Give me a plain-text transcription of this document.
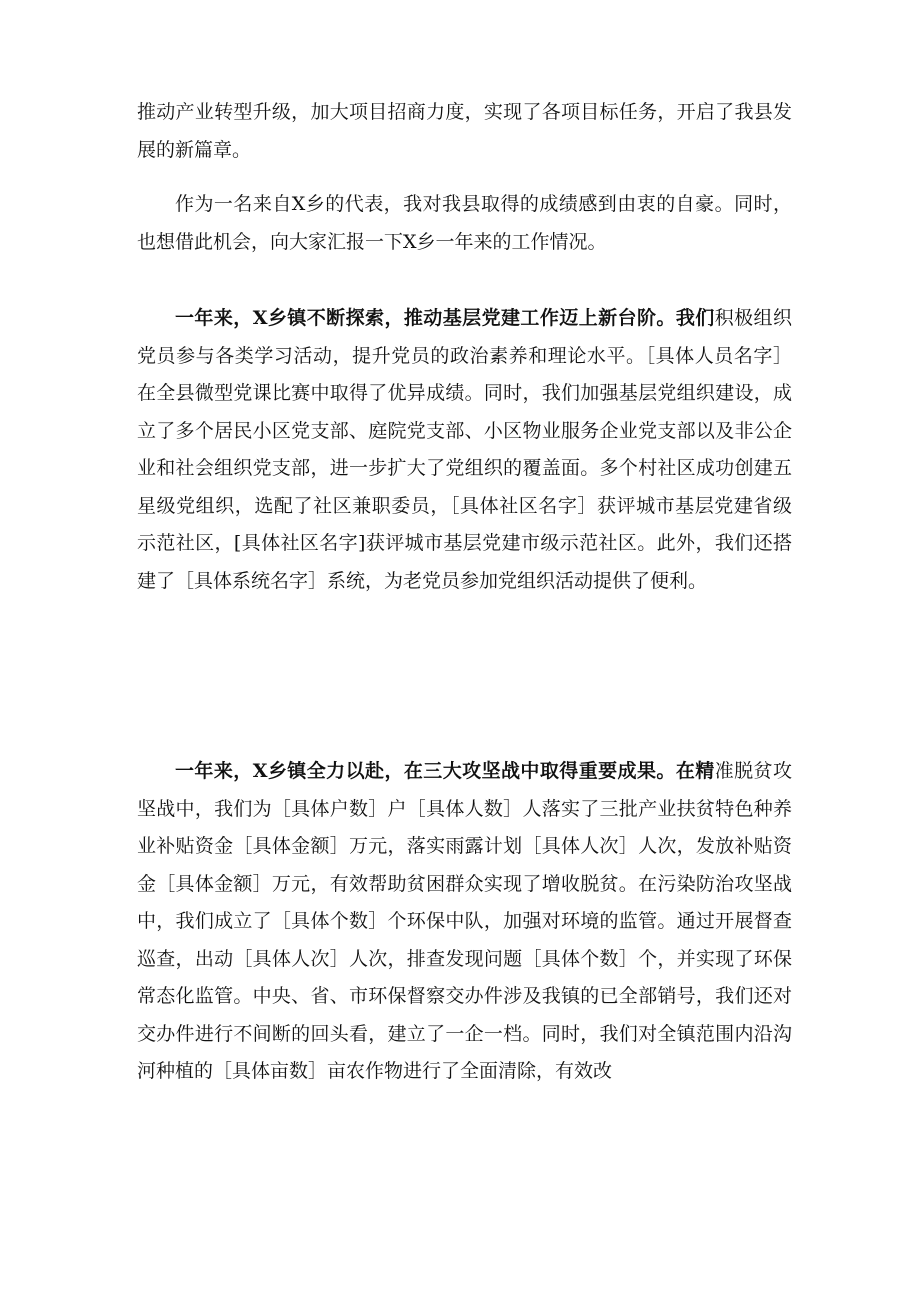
推动产业转型升级，加大项目招商力度，实现了各项目标任务，开启了我县发展的新篇章。

作为一名来自X乡的代表，我对我县取得的成绩感到由衷的自豪。同时，也想借此机会，向大家汇报一下X乡一年来的工作情况。

一年来，X乡镇不断探索，推动基层党建工作迈上新台阶。我们积极组织党员参与各类学习活动，提升党员的政治素养和理论水平。［具体人员名字］在全县微型党课比赛中取得了优异成绩。同时，我们加强基层党组织建设，成立了多个居民小区党支部、庭院党支部、小区物业服务企业党支部以及非公企业和社会组织党支部，进一步扩大了党组织的覆盖面。多个村社区成功创建五星级党组织，选配了社区兼职委员，［具体社区名字］获评城市基层党建省级示范社区，[具体社区名字]获评城市基层党建市级示范社区。此外，我们还搭建了［具体系统名字］系统，为老党员参加党组织活动提供了便利。

一年来，X乡镇全力以赴，在三大攻坚战中取得重要成果。在精准脱贫攻坚战中，我们为［具体户数］户［具体人数］人落实了三批产业扶贫特色种养业补贴资金［具体金额］万元，落实雨露计划［具体人次］人次，发放补贴资金［具体金额］万元，有效帮助贫困群众实现了增收脱贫。在污染防治攻坚战中，我们成立了［具体个数］个环保中队，加强对环境的监管。通过开展督查巡查，出动［具体人次］人次，排查发现问题［具体个数］个，并实现了环保常态化监管。中央、省、市环保督察交办件涉及我镇的已全部销号，我们还对交办件进行不间断的回头看，建立了一企一档。同时，我们对全镇范围内沿沟河种植的［具体亩数］亩农作物进行了全面清除，有效改
